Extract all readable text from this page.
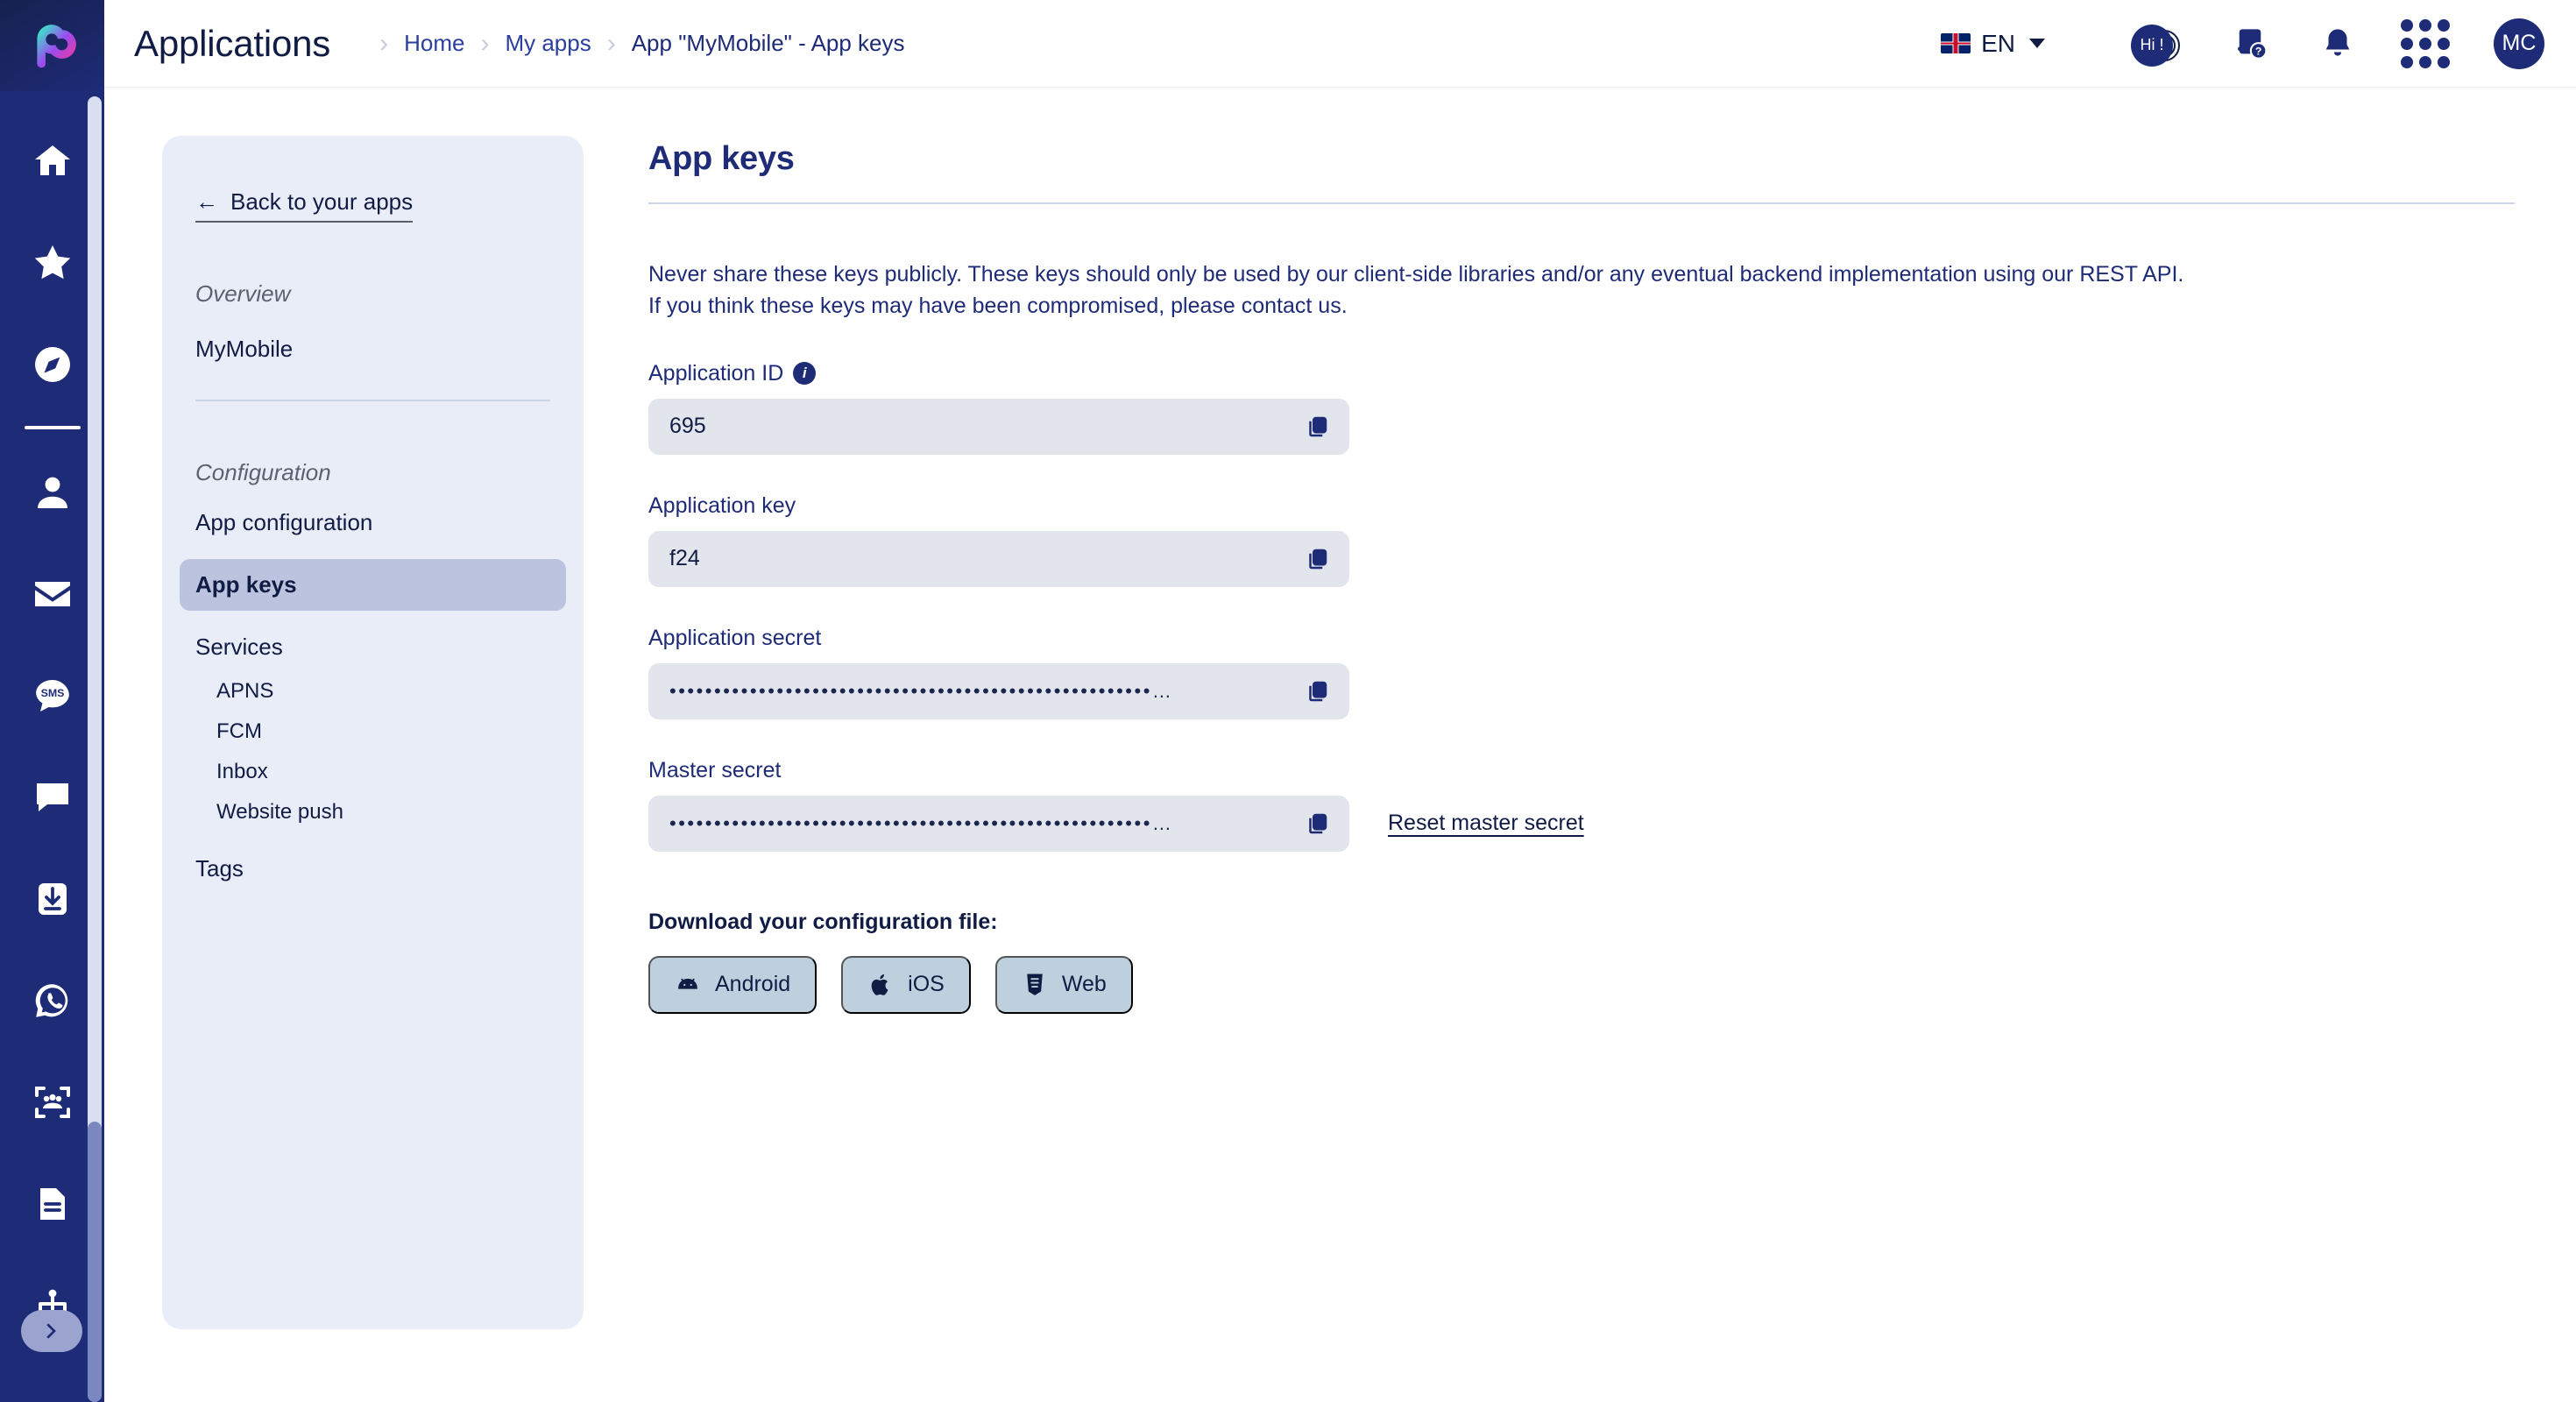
SMS
Applications › Home › My apps › App "MyMobile" - App keys	EN	Hi !	?	MC
← Back to your apps
Overview
MyMobile
Configuration
App configuration
App keys
Services
APNS
FCM
Inbox
Website push
Tags
App keys

Never share these keys publicly. These keys should only be used by our client-side libraries and/or any eventual backend implementation using our REST API.
If you think these keys may have been compromised, please contact us.

Application ID	i
695
Application key
f24
Application secret
••••••••••••••••••••••••••••••••••••••••••••••••••••••…
Master secret
••••••••••••••••••••••••••••••••••••••••••••••••••••••…	Reset master secret
Download your configuration file:
Android	iOS	Web
